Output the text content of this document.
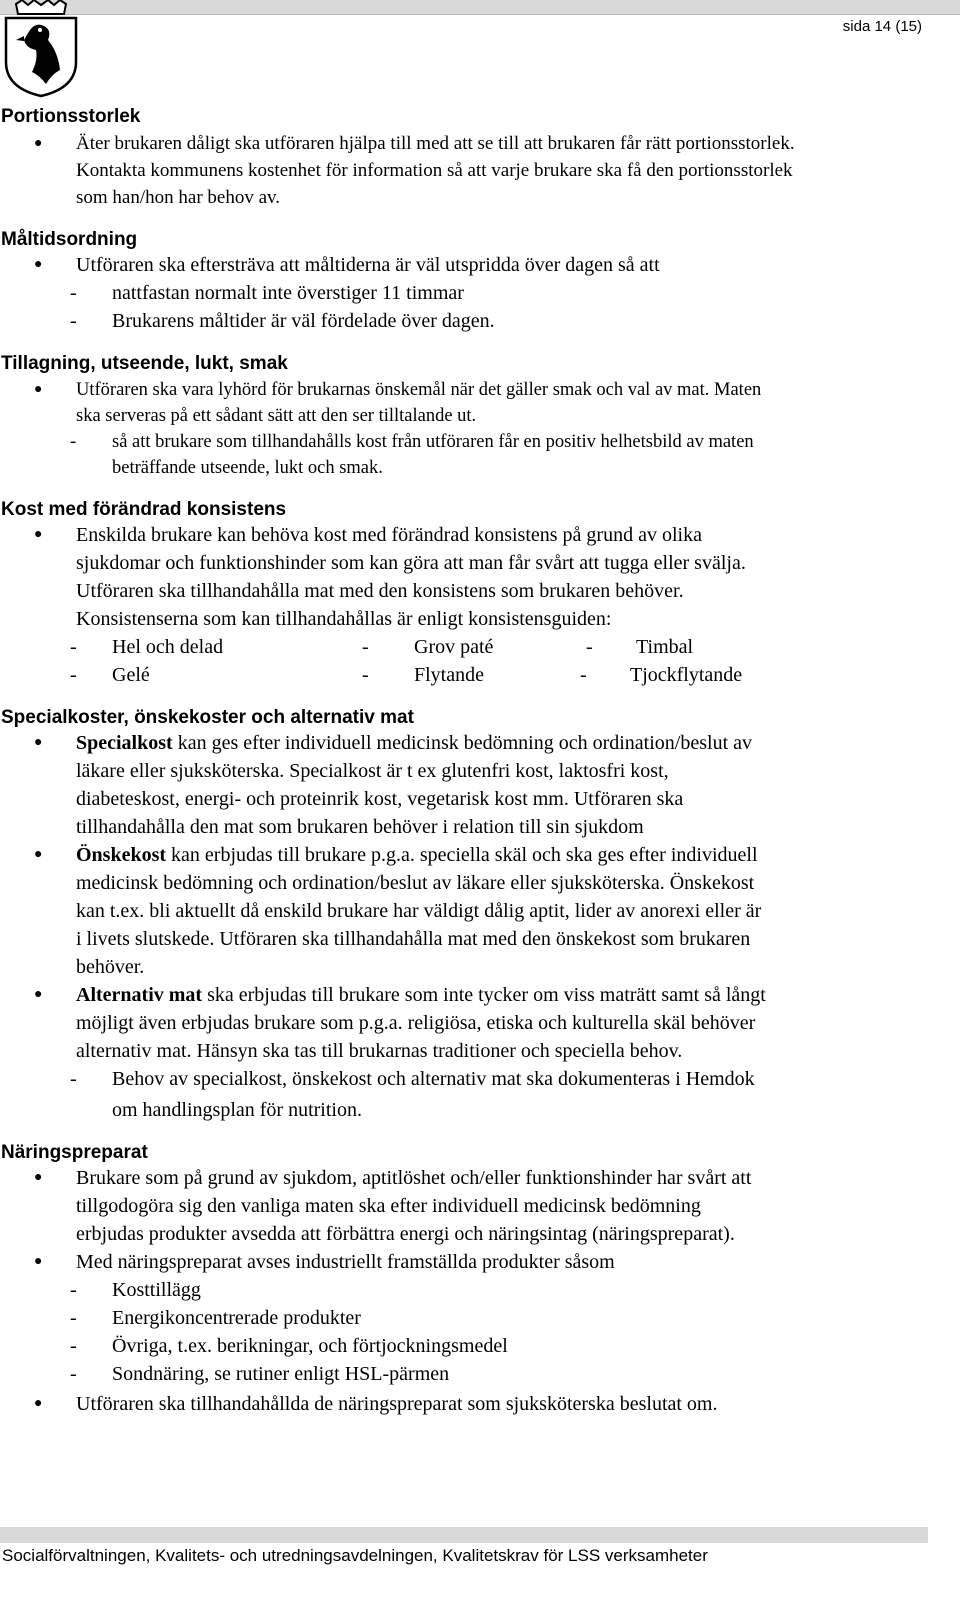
sida 14 (15)
Portionsstorlek
● Äter brukaren dåligt ska utföraren hjälpa till med att se till att brukaren får rätt portionsstorlek.
Kontakta kommunens kostenhet för information så att varje brukare ska få den portionsstorlek
som han/hon har behov av.
Måltidsordning
● Utföraren ska eftersträva att måltiderna är väl utspridda över dagen så att
- nattfastan normalt inte överstiger 11 timmar
- Brukarens måltider är väl fördelade över dagen.
Tillagning, utseende, lukt, smak
● Utföraren ska vara lyhörd för brukarnas önskemål när det gäller smak och val av mat. Maten
ska serveras på ett sådant sätt att den ser tilltalande ut.
- så att brukare som tillhandahålls kost från utföraren får en positiv helhetsbild av maten
beträffande utseende, lukt och smak.
Kost med förändrad konsistens
● Enskilda brukare kan behöva kost med förändrad konsistens på grund av olika
sjukdomar och funktionshinder som kan göra att man får svårt att tugga eller svälja.
Utföraren ska tillhandahålla mat med den konsistens som brukaren behöver.
Konsistenserna som kan tillhandahållas är enligt konsistensguiden:
- Hel och delad	- Grov paté	- Timbal
- Gelé	- Flytande	- Tjockflytande
Specialkoster, önskekoster och alternativ mat
● Specialkost kan ges efter individuell medicinsk bedömning och ordination/beslut av
läkare eller sjuksköterska. Specialkost är t ex glutenfri kost, laktosfri kost,
diabeteskost, energi- och proteinrik kost, vegetarisk kost mm. Utföraren ska
tillhandahålla den mat som brukaren behöver i relation till sin sjukdom
● Önskekost kan erbjudas till brukare p.g.a. speciella skäl och ska ges efter individuell
medicinsk bedömning och ordination/beslut av läkare eller sjuksköterska. Önskekost
kan t.ex. bli aktuellt då enskild brukare har väldigt dålig aptit, lider av anorexi eller är
i livets slutskede. Utföraren ska tillhandahålla mat med den önskekost som brukaren
behöver.
● Alternativ mat ska erbjudas till brukare som inte tycker om viss maträtt samt så långt
möjligt även erbjudas brukare som p.g.a. religiösa, etiska och kulturella skäl behöver
alternativ mat. Hänsyn ska tas till brukarnas traditioner och speciella behov.
- Behov av specialkost, önskekost och alternativ mat ska dokumenteras i Hemdok
om handlingsplan för nutrition.
Näringspreparat
● Brukare som på grund av sjukdom, aptitlöshet och/eller funktionshinder har svårt att
tillgodogöra sig den vanliga maten ska efter individuell medicinsk bedömning
erbjudas produkter avsedda att förbättra energi och näringsintag (näringspreparat).
● Med näringspreparat avses industriellt framställda produkter såsom
- Kosttillägg
- Energikoncentrerade produkter
- Övriga, t.ex. berikningar, och förtjockningsmedel
- Sondnäring, se rutiner enligt HSL-pärmen
● Utföraren ska tillhandahållda de näringspreparat som sjuksköterska beslutat om.
Socialförvaltningen, Kvalitets- och utredningsavdelningen, Kvalitetskrav för LSS verksamheter
